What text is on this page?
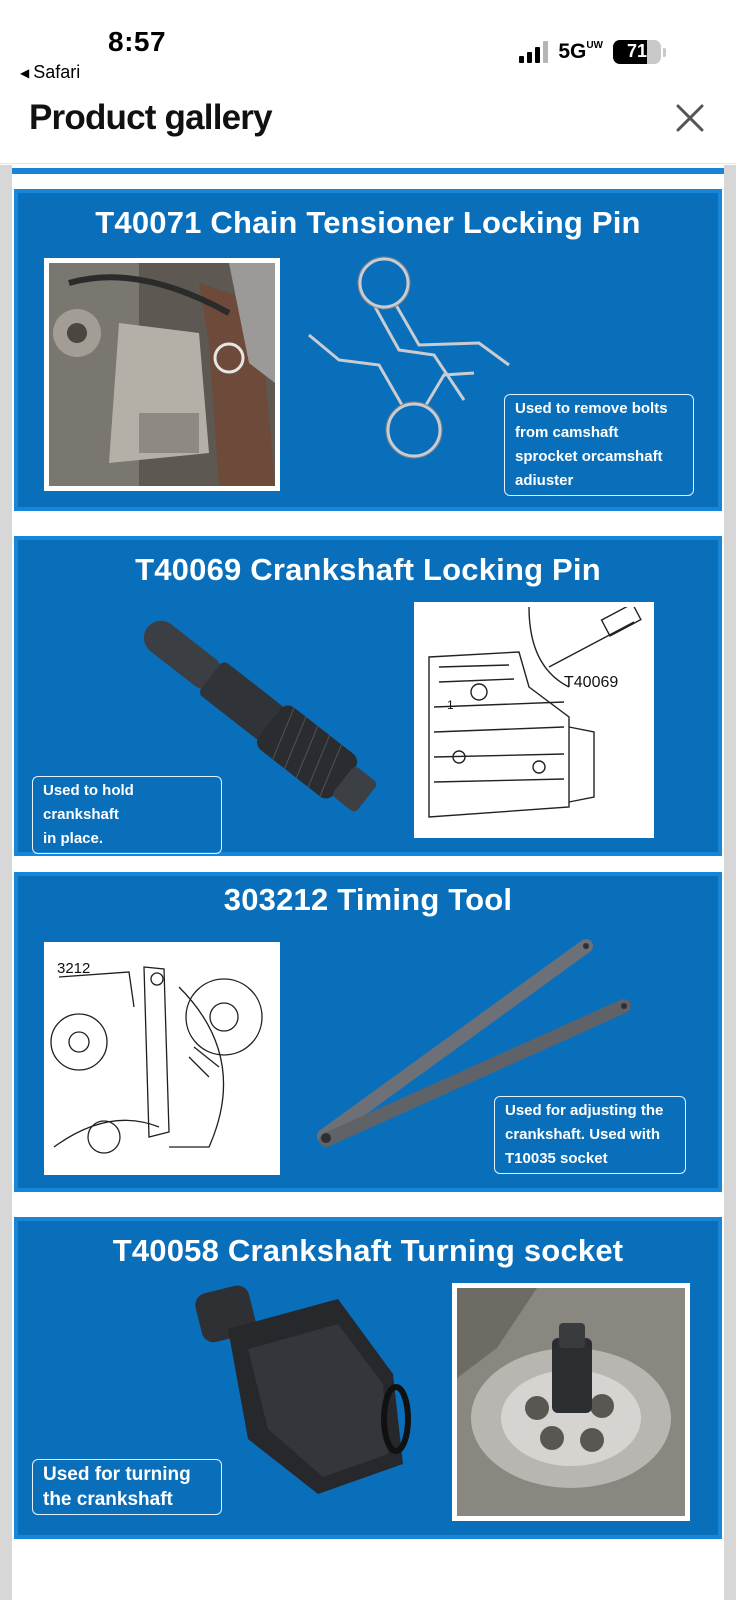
8:57
◀ Safari
$5G^{UW}$	71
Product gallery
T40071 Chain Tensioner Locking Pin
Used to remove bolts
from camshaft
sprocket orcamshaft
adiuster
T40069 Crankshaft Locking Pin
Used to hold crankshaft
in place.
T40069
1
303212 Timing Tool
3212
Used for adjusting the
crankshaft. Used with
T10035 socket
T40058 Crankshaft Turning socket
Used for turning
the crankshaft
